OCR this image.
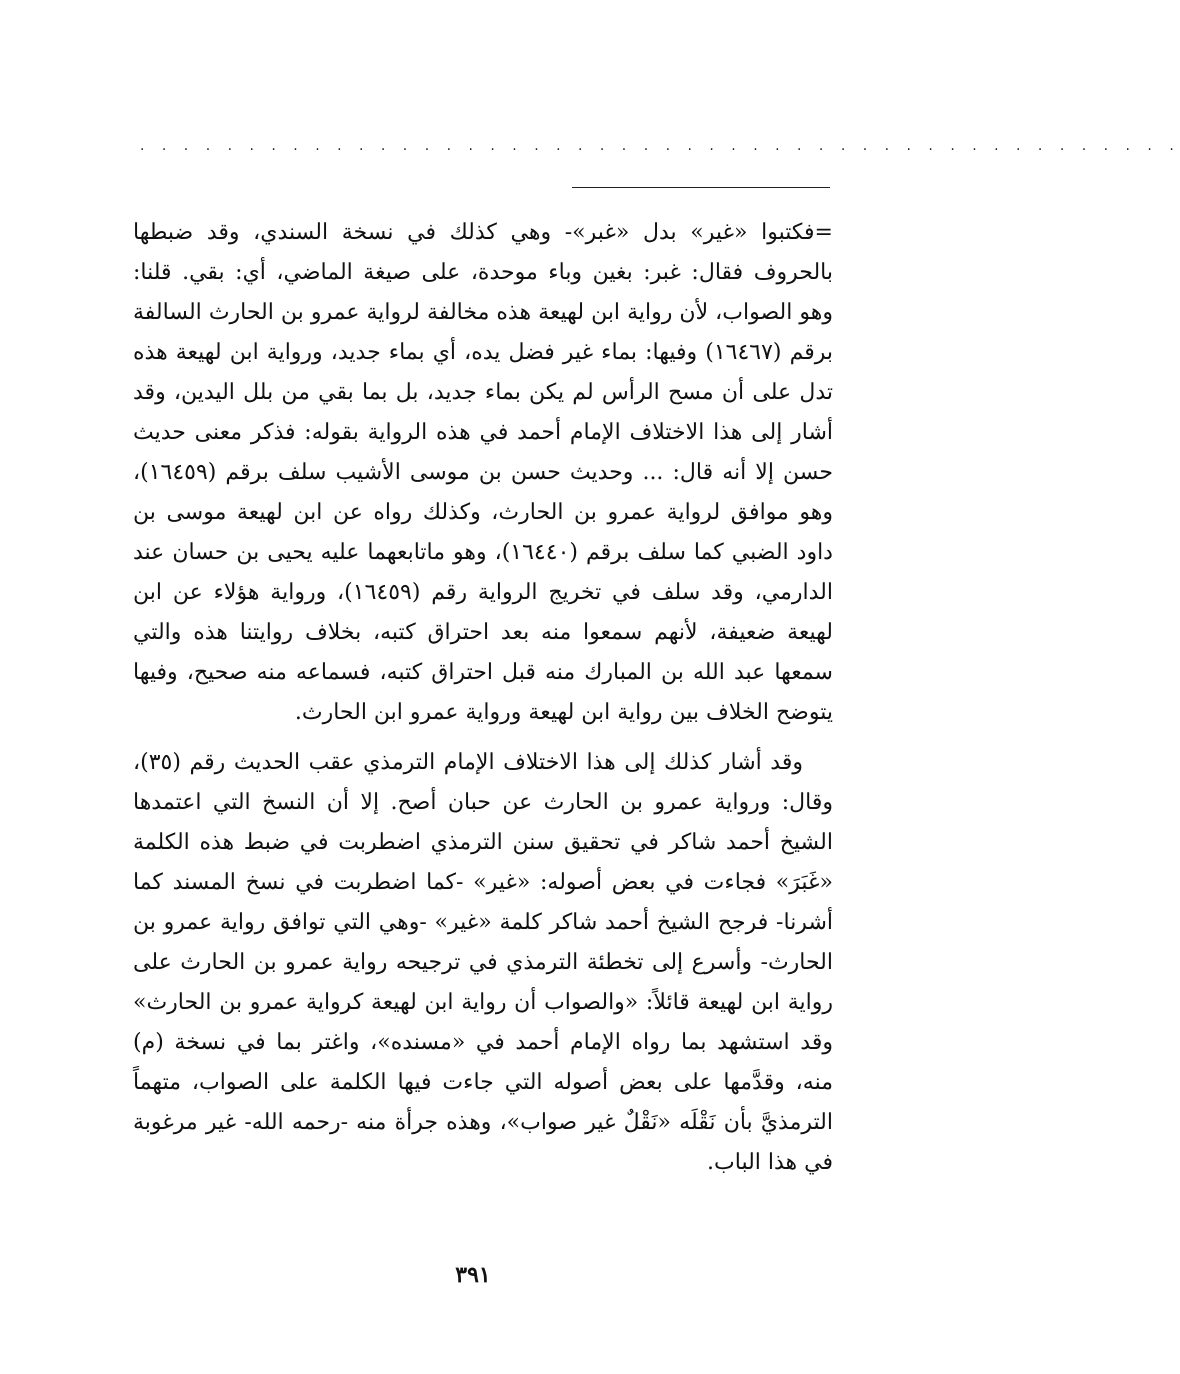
. . . . . . . . . . . . . . . . . . . . . . . . . . . . . . . . . . . . . . . . . . . . . . . .

=فكتبوا «غير» بدل «غبر»- وهي كذلك في نسخة السندي، وقد ضبطها بالحروف فقال: غبر: بغين وباء موحدة، على صيغة الماضي، أي: بقي. قلنا: وهو الصواب، لأن رواية ابن لهيعة هذه مخالفة لرواية عمرو بن الحارث السالفة برقم (١٦٤٦٧) وفيها: بماء غير فضل يده، أي بماء جديد، ورواية ابن لهيعة هذه تدل على أن مسح الرأس لم يكن بماء جديد، بل بما بقي من بلل اليدين، وقد أشار إلى هذا الاختلاف الإمام أحمد في هذه الرواية بقوله: فذكر معنى حديث حسن إلا أنه قال: ... وحديث حسن بن موسى الأشيب سلف برقم (١٦٤٥٩)، وهو موافق لرواية عمرو بن الحارث، وكذلك رواه عن ابن لهيعة موسى بن داود الضبي كما سلف برقم (١٦٤٤٠)، وهو ماتابعهما عليه يحيى بن حسان عند الدارمي، وقد سلف في تخريج الرواية رقم (١٦٤٥٩)، ورواية هؤلاء عن ابن لهيعة ضعيفة، لأنهم سمعوا منه بعد احتراق كتبه، بخلاف روايتنا هذه والتي سمعها عبد الله بن المبارك منه قبل احتراق كتبه، فسماعه منه صحيح، وفيها يتوضح الخلاف بين رواية ابن لهيعة ورواية عمرو ابن الحارث.

وقد أشار كذلك إلى هذا الاختلاف الإمام الترمذي عقب الحديث رقم (٣٥)، وقال: ورواية عمرو بن الحارث عن حبان أصح. إلا أن النسخ التي اعتمدها الشيخ أحمد شاكر في تحقيق سنن الترمذي اضطربت في ضبط هذه الكلمة «غَبَرَ» فجاءت في بعض أصوله: «غير» -كما اضطربت في نسخ المسند كما أشرنا- فرجح الشيخ أحمد شاكر كلمة «غير» -وهي التي توافق رواية عمرو بن الحارث- وأسرع إلى تخطئة الترمذي في ترجيحه رواية عمرو بن الحارث على رواية ابن لهيعة قائلاً: «والصواب أن رواية ابن لهيعة كرواية عمرو بن الحارث» وقد استشهد بما رواه الإمام أحمد في «مسنده»، واغتر بما في نسخة (م) منه، وقدَّمها على بعض أصوله التي جاءت فيها الكلمة على الصواب، متهماً الترمذيَّ بأن نَقْلَه «نَقْلٌ غير صواب»، وهذه جرأة منه -رحمه الله- غير مرغوبة في هذا الباب.

٣٩١
